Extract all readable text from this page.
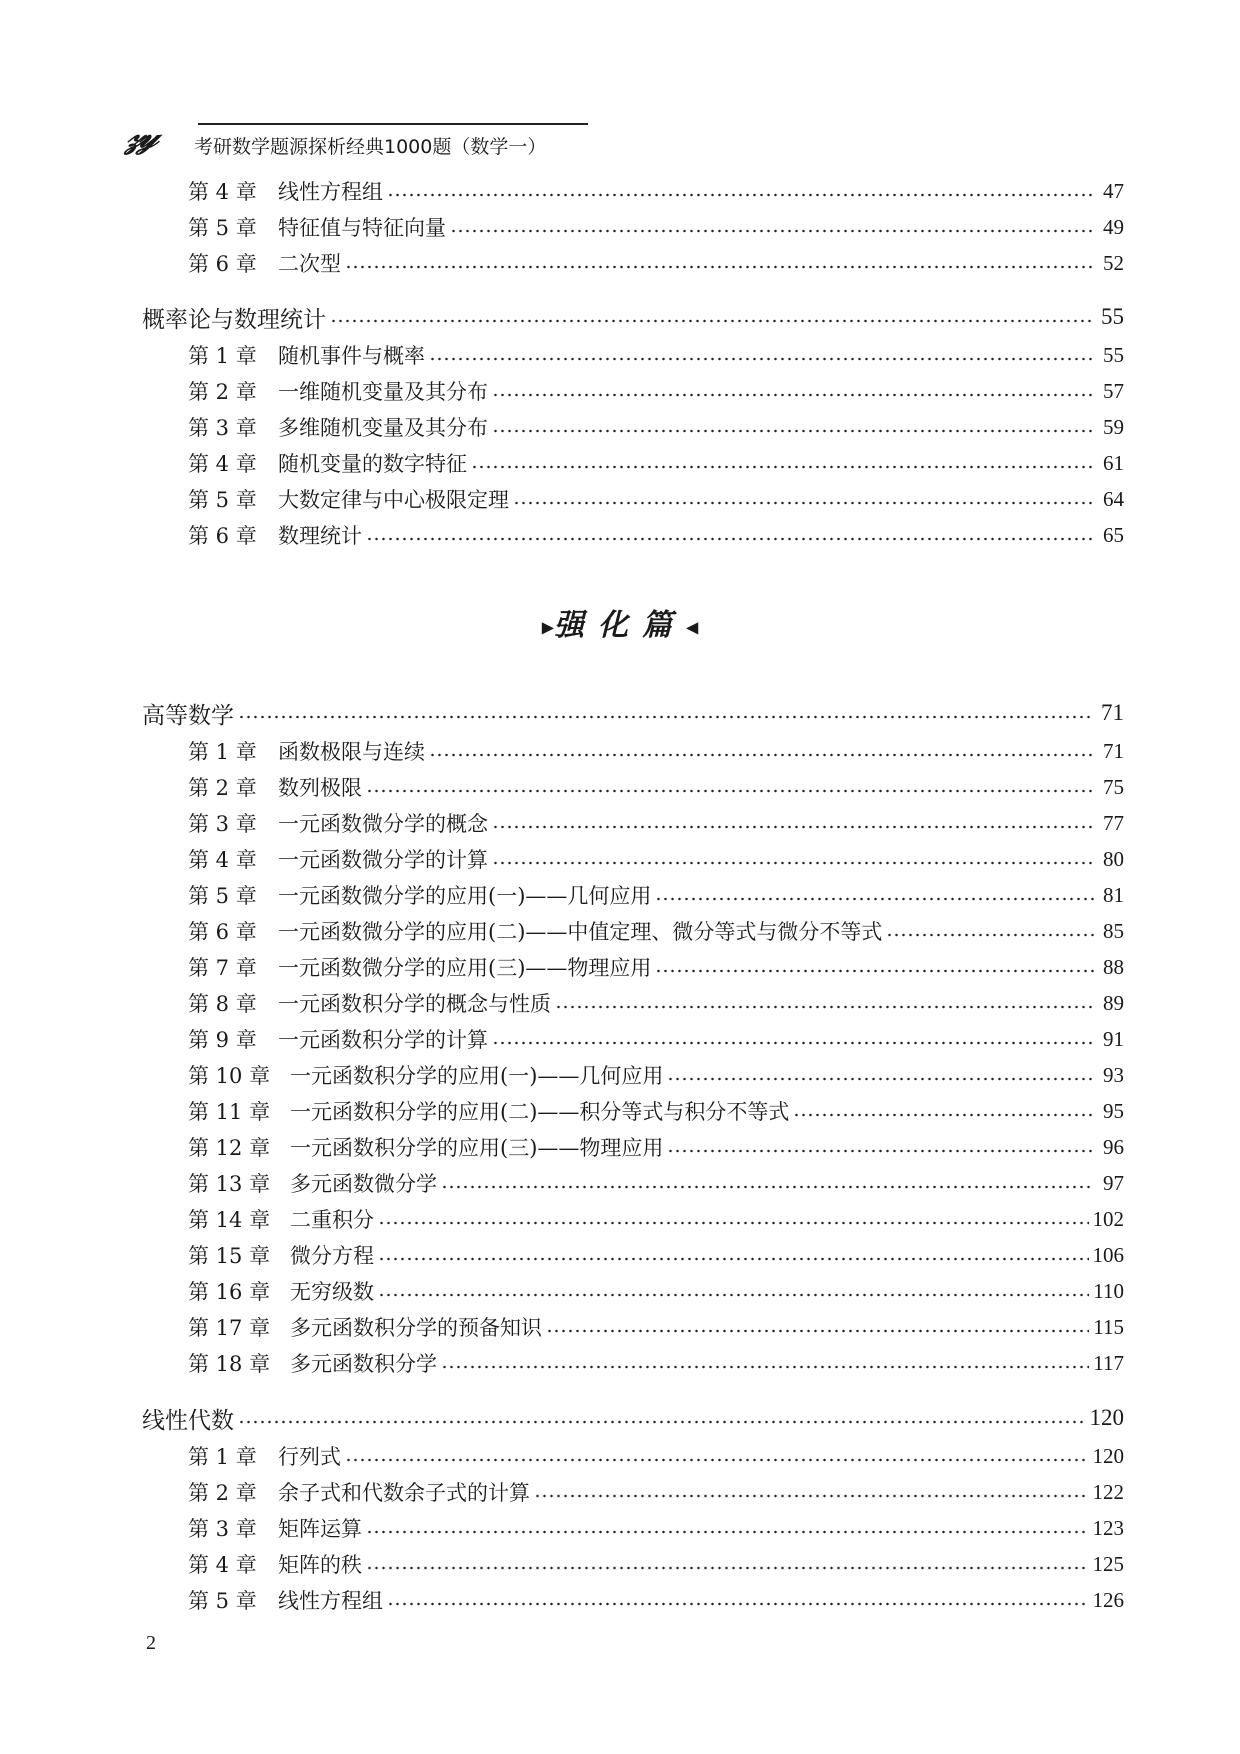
𝓏𝓎 考研数学题源探析经典1000题（数学一）
第 4 章	线性方程组	47
第 5 章	特征值与特征向量	49
第 6 章	二次型	52
概率论与数理统计	55
第 1 章	随机事件与概率	55
第 2 章	一维随机变量及其分布	57
第 3 章	多维随机变量及其分布	59
第 4 章	随机变量的数字特征	61
第 5 章	大数定律与中心极限定理	64
第 6 章	数理统计	65
▶强化篇◀
高等数学	71
第 1 章	函数极限与连续	71
第 2 章	数列极限	75
第 3 章	一元函数微分学的概念	77
第 4 章	一元函数微分学的计算	80
第 5 章	一元函数微分学的应用(一)——几何应用	81
第 6 章	一元函数微分学的应用(二)——中值定理、微分等式与微分不等式	85
第 7 章	一元函数微分学的应用(三)——物理应用	88
第 8 章	一元函数积分学的概念与性质	89
第 9 章	一元函数积分学的计算	91
第 10 章 一元函数积分学的应用(一)——几何应用	93
第 11 章 一元函数积分学的应用(二)——积分等式与积分不等式	95
第 12 章 一元函数积分学的应用(三)——物理应用	96
第 13 章 多元函数微分学	97
第 14 章 二重积分	102
第 15 章 微分方程	106
第 16 章 无穷级数	110
第 17 章 多元函数积分学的预备知识	115
第 18 章 多元函数积分学	117
线性代数	120
第 1 章	行列式	120
第 2 章	余子式和代数余子式的计算	122
第 3 章	矩阵运算	123
第 4 章	矩阵的秩	125
第 5 章	线性方程组	126
2
